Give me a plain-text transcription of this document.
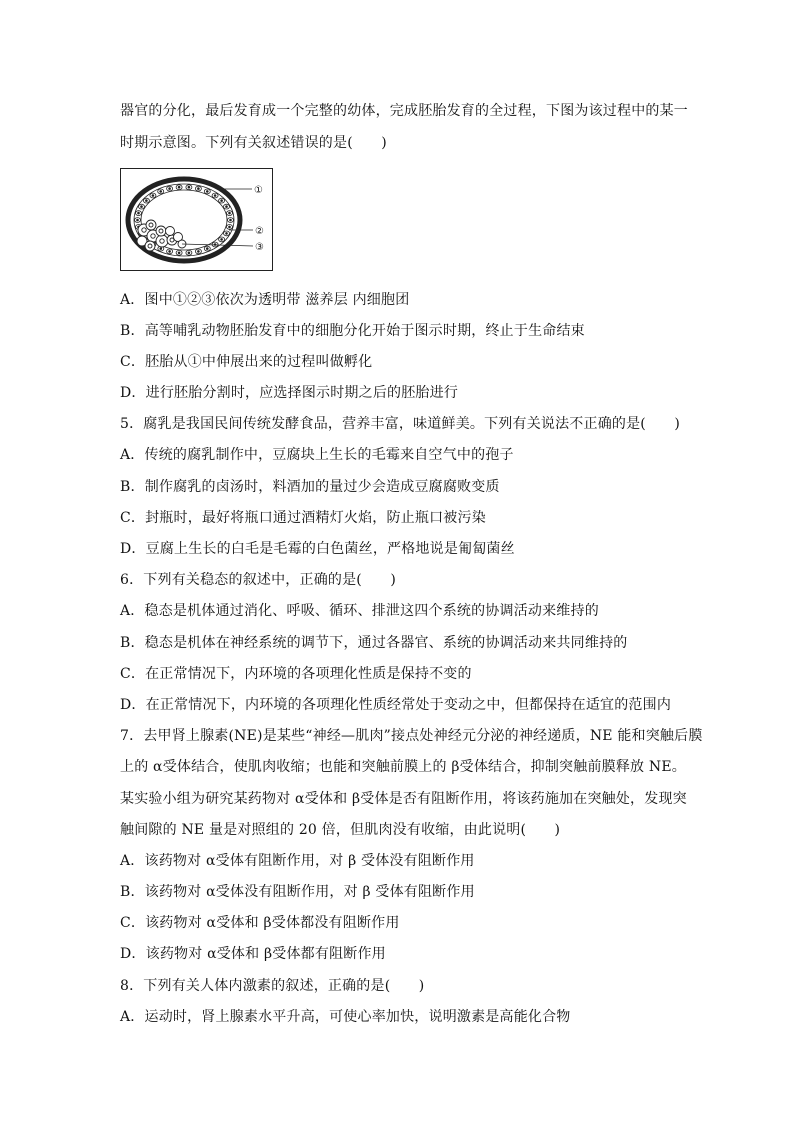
器官的分化，最后发育成一个完整的幼体，完成胚胎发育的全过程，下图为该过程中的某一
时期示意图。下列有关叙述错误的是(　　)
①
②
③
A．图中①②③依次为透明带 滋养层 内细胞团
B．高等哺乳动物胚胎发育中的细胞分化开始于图示时期，终止于生命结束
C．胚胎从①中伸展出来的过程叫做孵化
D．进行胚胎分割时，应选择图示时期之后的胚胎进行
5．腐乳是我国民间传统发酵食品，营养丰富，味道鲜美。下列有关说法不正确的是(　　)
A．传统的腐乳制作中，豆腐块上生长的毛霉来自空气中的孢子
B．制作腐乳的卤汤时，料酒加的量过少会造成豆腐腐败变质
C．封瓶时，最好将瓶口通过酒精灯火焰，防止瓶口被污染
D．豆腐上生长的白毛是毛霉的白色菌丝，严格地说是匍匐菌丝
6．下列有关稳态的叙述中，正确的是(　　)
A．稳态是机体通过消化、呼吸、循环、排泄这四个系统的协调活动来维持的
B．稳态是机体在神经系统的调节下，通过各器官、系统的协调活动来共同维持的
C．在正常情况下，内环境的各项理化性质是保持不变的
D．在正常情况下，内环境的各项理化性质经常处于变动之中，但都保持在适宜的范围内
7．去甲肾上腺素(NE)是某些“神经—肌肉”接点处神经元分泌的神经递质，NE 能和突触后膜
上的 α受体结合，使肌肉收缩；也能和突触前膜上的 β受体结合，抑制突触前膜释放 NE。
某实验小组为研究某药物对 α受体和 β受体是否有阻断作用，将该药施加在突触处，发现突
触间隙的 NE 量是对照组的 20 倍，但肌肉没有收缩，由此说明(　　)
A．该药物对 α受体有阻断作用，对 β 受体没有阻断作用
B．该药物对 α受体没有阻断作用，对 β 受体有阻断作用
C．该药物对 α受体和 β受体都没有阻断作用
D．该药物对 α受体和 β受体都有阻断作用
8．下列有关人体内激素的叙述，正确的是(　　)
A．运动时，肾上腺素水平升高，可使心率加快，说明激素是高能化合物
